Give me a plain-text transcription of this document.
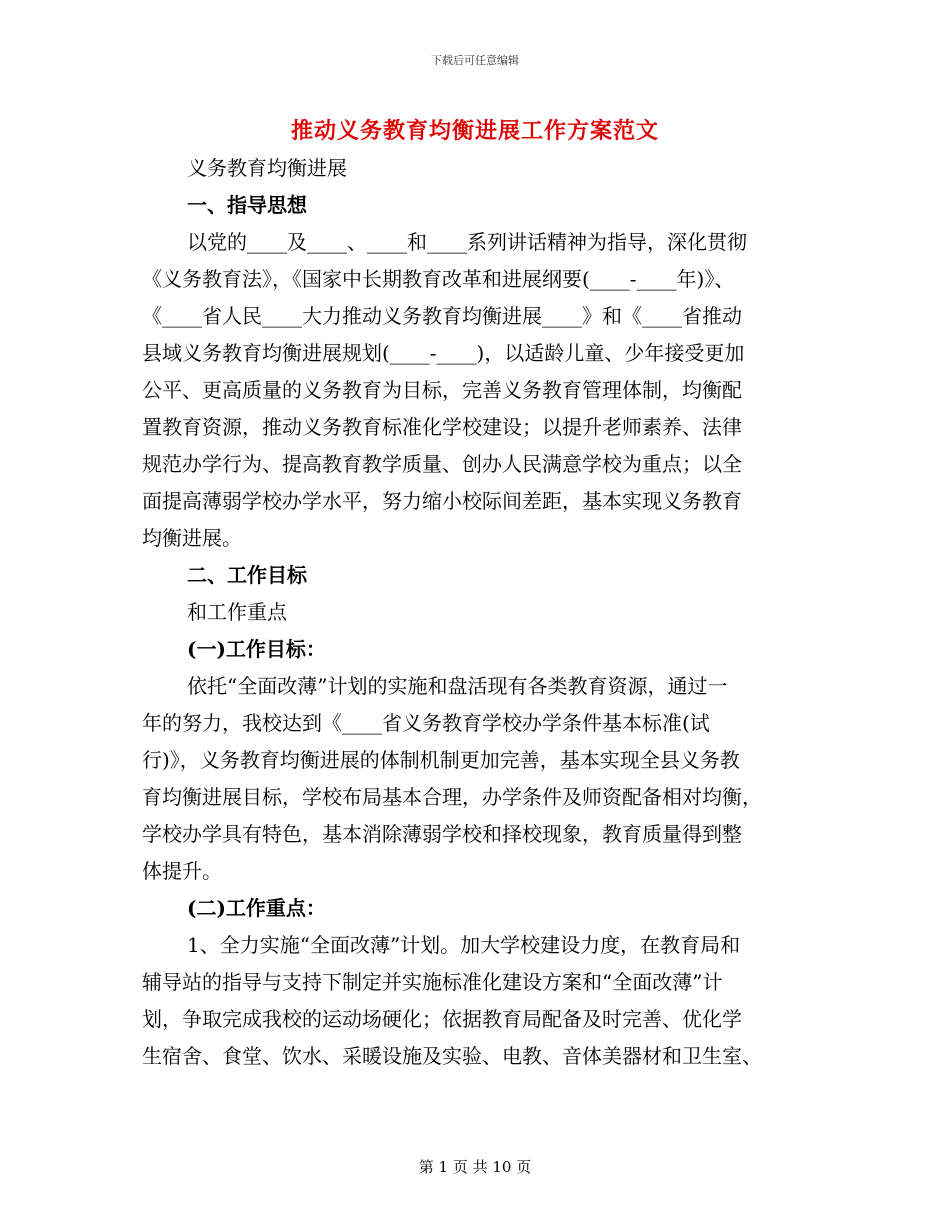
下载后可任意编辑
推动义务教育均衡进展工作方案范文
义务教育均衡进展
一、指导思想
以党的____及____、____和____系列讲话精神为指导，深化贯彻
《义务教育法》，《国家中长期教育改革和进展纲要(____-____年)》、
《____省人民____大力推动义务教育均衡进展____》和《____省推动
县域义务教育均衡进展规划(____-____)，以适龄儿童、少年接受更加
公平、更高质量的义务教育为目标，完善义务教育管理体制，均衡配
置教育资源，推动义务教育标准化学校建设；以提升老师素养、法律
规范办学行为、提高教育教学质量、创办人民满意学校为重点；以全
面提高薄弱学校办学水平，努力缩小校际间差距，基本实现义务教育
均衡进展。
二、工作目标
和工作重点
(一)工作目标：
依托“全面改薄”计划的实施和盘活现有各类教育资源，通过一
年的努力，我校达到《____省义务教育学校办学条件基本标准(试
行)》，义务教育均衡进展的体制机制更加完善，基本实现全县义务教
育均衡进展目标，学校布局基本合理，办学条件及师资配备相对均衡，
学校办学具有特色，基本消除薄弱学校和择校现象，教育质量得到整
体提升。
(二)工作重点：
1、全力实施“全面改薄”计划。加大学校建设力度，在教育局和
辅导站的指导与支持下制定并实施标准化建设方案和“全面改薄”计
划，争取完成我校的运动场硬化；依据教育局配备及时完善、优化学
生宿舍、食堂、饮水、采暖设施及实验、电教、音体美器材和卫生室、
第 1 页 共 10 页
